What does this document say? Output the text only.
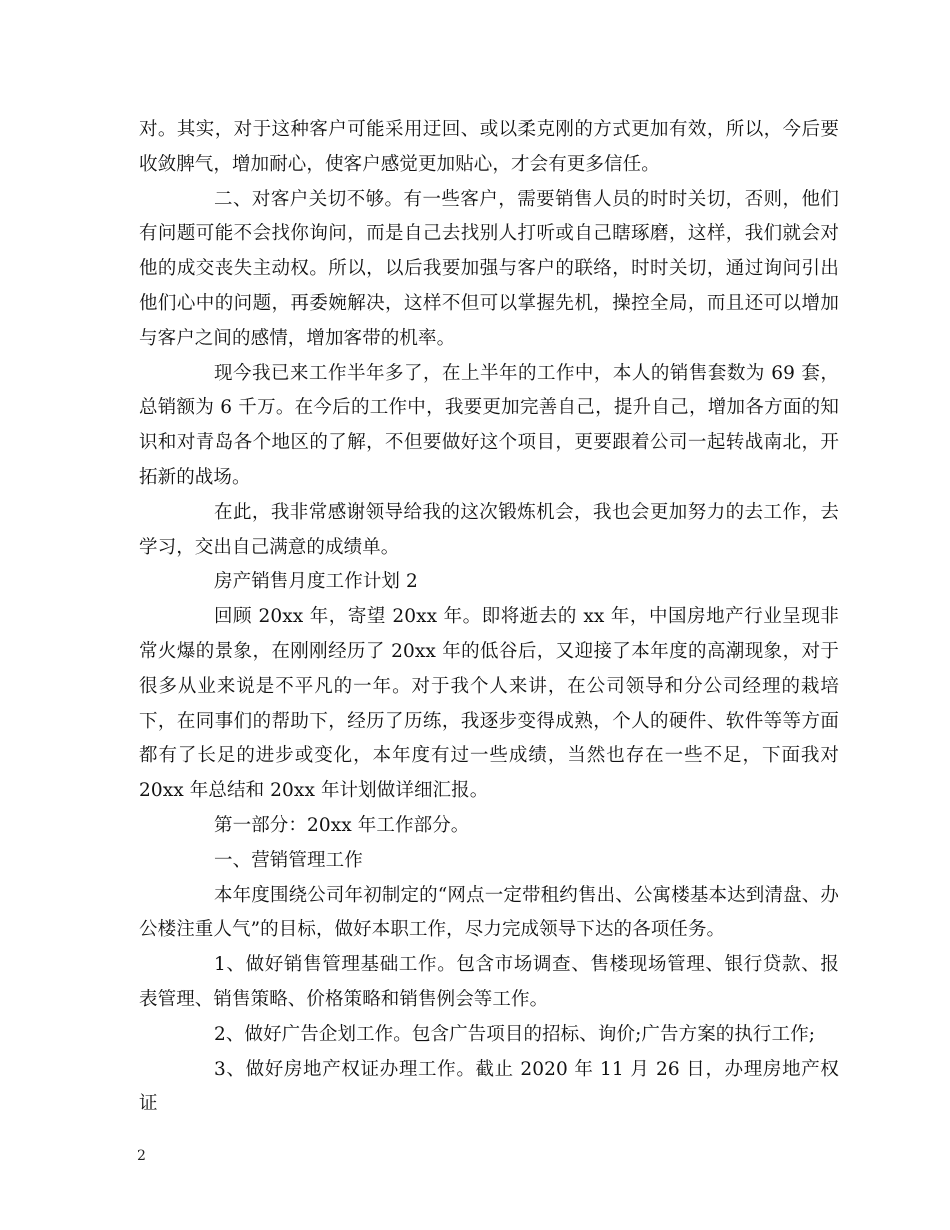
对。其实，对于这种客户可能采用迂回、或以柔克刚的方式更加有效，所以，今后要收敛脾气，增加耐心，使客户感觉更加贴心，才会有更多信任。

二、对客户关切不够。有一些客户，需要销售人员的时时关切，否则，他们有问题可能不会找你询问，而是自己去找别人打听或自己瞎琢磨，这样，我们就会对他的成交丧失主动权。所以，以后我要加强与客户的联络，时时关切，通过询问引出他们心中的问题，再委婉解决，这样不但可以掌握先机，操控全局，而且还可以增加与客户之间的感情，增加客带的机率。

现今我已来工作半年多了，在上半年的工作中，本人的销售套数为 69 套，总销额为 6 千万。在今后的工作中，我要更加完善自己，提升自己，增加各方面的知识和对青岛各个地区的了解，不但要做好这个项目，更要跟着公司一起转战南北，开拓新的战场。

在此，我非常感谢领导给我的这次锻炼机会，我也会更加努力的去工作，去学习，交出自己满意的成绩单。

房产销售月度工作计划 2

回顾 20xx 年，寄望 20xx 年。即将逝去的 xx 年，中国房地产行业呈现非常火爆的景象，在刚刚经历了 20xx 年的低谷后，又迎接了本年度的高潮现象，对于很多从业来说是不平凡的一年。对于我个人来讲，在公司领导和分公司经理的栽培下，在同事们的帮助下，经历了历练，我逐步变得成熟，个人的硬件、软件等等方面都有了长足的进步或变化，本年度有过一些成绩，当然也存在一些不足，下面我对 20xx 年总结和 20xx 年计划做详细汇报。

第一部分：20xx 年工作部分。

一、营销管理工作

本年度围绕公司年初制定的“网点一定带租约售出、公寓楼基本达到清盘、办公楼注重人气”的目标，做好本职工作，尽力完成领导下达的各项任务。

1、做好销售管理基础工作。包含市场调查、售楼现场管理、银行贷款、报表管理、销售策略、价格策略和销售例会等工作。

2、做好广告企划工作。包含广告项目的招标、询价;广告方案的执行工作;

3、做好房地产权证办理工作。截止 2020 年 11 月 26 日，办理房地产权证

2
